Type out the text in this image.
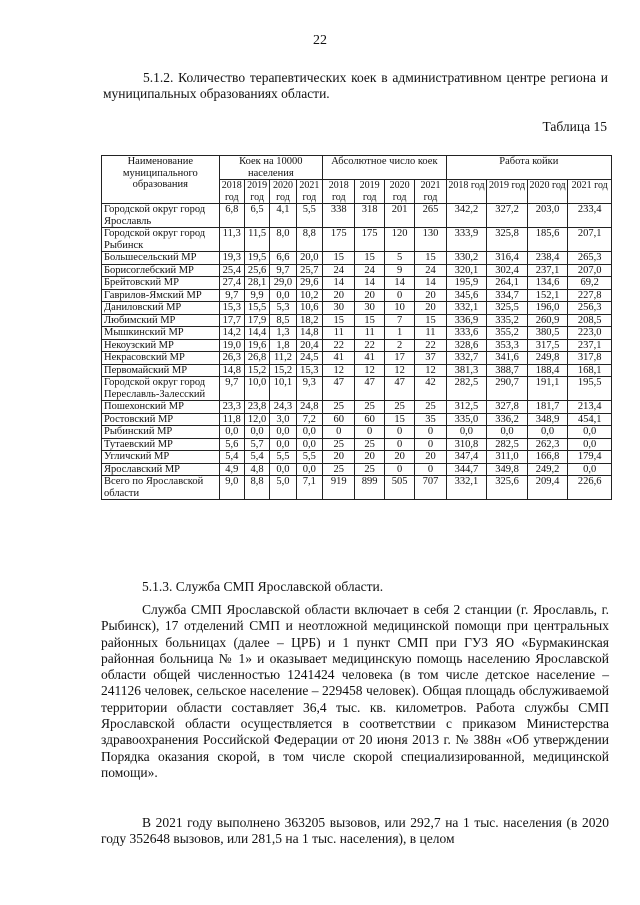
22
5.1.2. Количество терапевтических коек в административном центре региона и муниципальных образованиях области.
Таблица 15
Наименование муниципального образования	Коек на 10000 населения				Абсолютное число коек				Работа койки			
	2018 год	2019 год	2020 год	2021 год	2018 год	2019 год	2020 год	2021 год	2018 год	2019 год	2020 год	2021 год
Городской округ город Ярославль	6,8	6,5	4,1	5,5	338	318	201	265	342,2	327,2	203,0	233,4
Городской округ город Рыбинск	11,3	11,5	8,0	8,8	175	175	120	130	333,9	325,8	185,6	207,1
Большесельский МР	19,3	19,5	6,6	20,0	15	15	5	15	330,2	316,4	238,4	265,3
Борисоглебский МР	25,4	25,6	9,7	25,7	24	24	9	24	320,1	302,4	237,1	207,0
Брейтовский МР	27,4	28,1	29,0	29,6	14	14	14	14	195,9	264,1	134,6	69,2
Гаврилов-Ямский МР	9,7	9,9	0,0	10,2	20	20	0	20	345,6	334,7	152,1	227,8
Даниловский МР	15,3	15,5	5,3	10,6	30	30	10	20	332,1	325,5	196,0	256,3
Любимский МР	17,7	17,9	8,5	18,2	15	15	7	15	336,9	335,2	260,9	208,5
Мышкинский МР	14,2	14,4	1,3	14,8	11	11	1	11	333,6	355,2	380,5	223,0
Некоузский МР	19,0	19,6	1,8	20,4	22	22	2	22	328,6	353,3	317,5	237,1
Некрасовский МР	26,3	26,8	11,2	24,5	41	41	17	37	332,7	341,6	249,8	317,8
Первомайский МР	14,8	15,2	15,2	15,3	12	12	12	12	381,3	388,7	188,4	168,1
Городской округ город Переславль-Залесский	9,7	10,0	10,1	9,3	47	47	47	42	282,5	290,7	191,1	195,5
Пошехонский МР	23,3	23,8	24,3	24,8	25	25	25	25	312,5	327,8	181,7	213,4
Ростовский МР	11,8	12,0	3,0	7,2	60	60	15	35	335,0	336,2	348,9	454,1
Рыбинский МР	0,0	0,0	0,0	0,0	0	0	0	0	0,0	0,0	0,0	0,0
Тутаевский МР	5,6	5,7	0,0	0,0	25	25	0	0	310,8	282,5	262,3	0,0
Угличский МР	5,4	5,4	5,5	5,5	20	20	20	20	347,4	311,0	166,8	179,4
Ярославский МР	4,9	4,8	0,0	0,0	25	25	0	0	344,7	349,8	249,2	0,0
Всего по Ярославской области	9,0	8,8	5,0	7,1	919	899	505	707	332,1	325,6	209,4	226,6
5.1.3. Служба СМП Ярославской области.
Служба СМП Ярославской области включает в себя 2 станции (г. Ярославль, г. Рыбинск), 17 отделений СМП и неотложной медицинской помощи при центральных районных больницах (далее – ЦРБ) и 1 пункт СМП при ГУЗ ЯО «Бурмакинская районная больница № 1» и оказывает медицинскую помощь населению Ярославской области общей численностью 1241424 человека (в том числе детское население – 241126 человек, сельское население – 229458 человек). Общая площадь обслуживаемой территории области составляет 36,4 тыс. кв. километров. Работа службы СМП Ярославской области осуществляется в соответствии с приказом Министерства здравоохранения Российской Федерации от 20 июня 2013 г. № 388н «Об утверждении Порядка оказания скорой, в том числе скорой специализированной, медицинской помощи».
В 2021 году выполнено 363205 вызовов, или 292,7 на 1 тыс. населения (в 2020 году 352648 вызовов, или 281,5 на 1 тыс. населения), в целом
